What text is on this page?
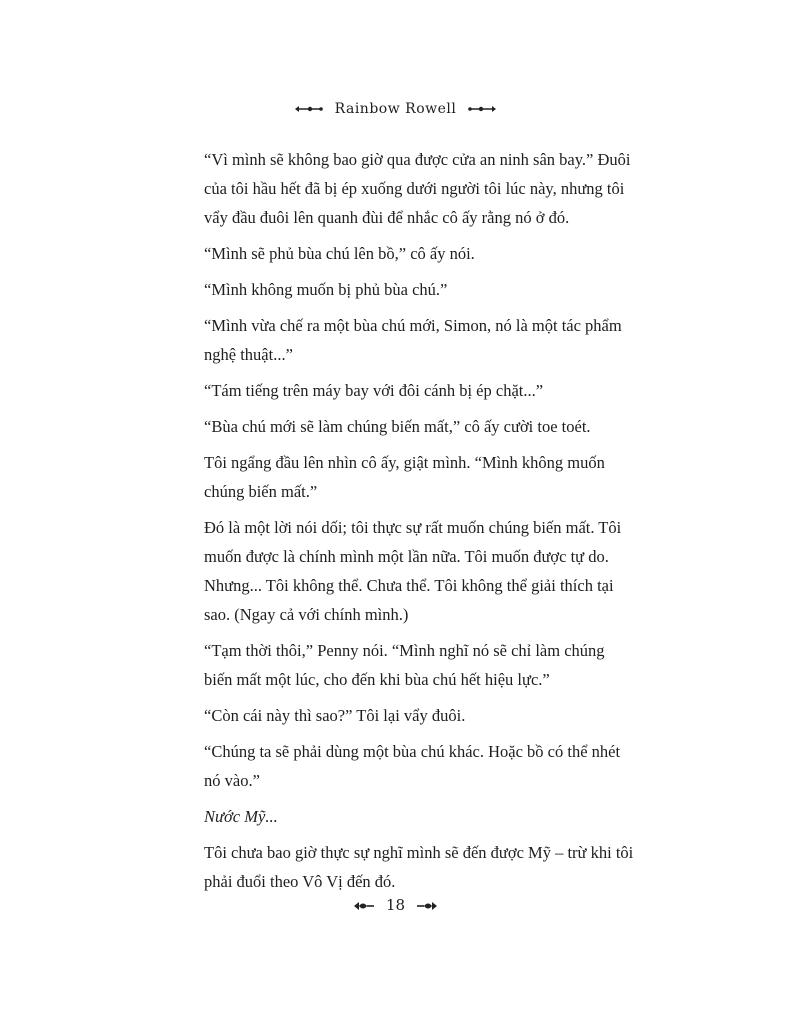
Rainbow Rowell

“Vì mình sẽ không bao giờ qua được cửa an ninh sân bay.” Đuôi của tôi hầu hết đã bị ép xuống dưới người tôi lúc này, nhưng tôi vẩy đầu đuôi lên quanh đùi để nhắc cô ấy rằng nó ở đó.

“Mình sẽ phủ bùa chú lên bồ,” cô ấy nói.

“Mình không muốn bị phủ bùa chú.”

“Mình vừa chế ra một bùa chú mới, Simon, nó là một tác phẩm nghệ thuật...”

“Tám tiếng trên máy bay với đôi cánh bị ép chặt...”

“Bùa chú mới sẽ làm chúng biến mất,” cô ấy cười toe toét.

Tôi ngẩng đầu lên nhìn cô ấy, giật mình. “Mình không muốn chúng biến mất.”

Đó là một lời nói dối; tôi thực sự rất muốn chúng biến mất. Tôi muốn được là chính mình một lần nữa. Tôi muốn được tự do. Nhưng... Tôi không thể. Chưa thể. Tôi không thể giải thích tại sao. (Ngay cả với chính mình.)

“Tạm thời thôi,” Penny nói. “Mình nghĩ nó sẽ chỉ làm chúng biến mất một lúc, cho đến khi bùa chú hết hiệu lực.”

“Còn cái này thì sao?” Tôi lại vẩy đuôi.

“Chúng ta sẽ phải dùng một bùa chú khác. Hoặc bồ có thể nhét nó vào.”

Nước Mỹ...

Tôi chưa bao giờ thực sự nghĩ mình sẽ đến được Mỹ – trừ khi tôi phải đuổi theo Vô Vị đến đó.

18
